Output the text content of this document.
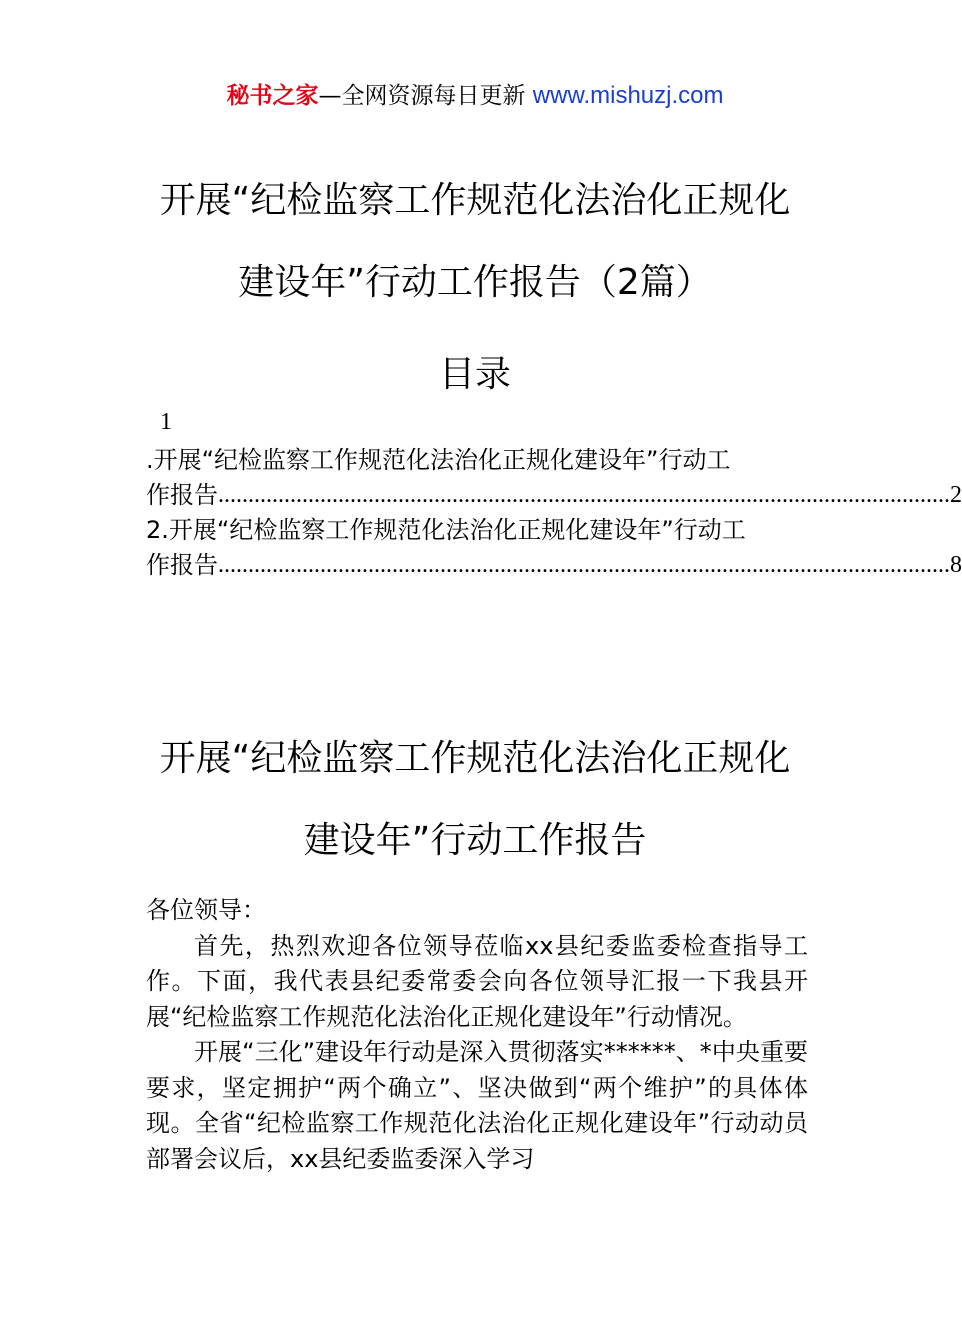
秘书之家—全网资源每日更新 www.mishuzj.com
开展“纪检监察工作规范化法治化正规化
建设年”行动工作报告（2篇）
目录
1
.开展“纪检监察工作规范化法治化正规化建设年”行动工
作报告 .......................................................................................................................... 2
2.开展“纪检监察工作规范化法治化正规化建设年”行动工
作报告 .......................................................................................................................... 8
开展“纪检监察工作规范化法治化正规化
建设年”行动工作报告

各位领导：

首先，热烈欢迎各位领导莅临xx县纪委监委检查指导工作。下面，我代表县纪委常委会向各位领导汇报一下我县开展“纪检监察工作规范化法治化正规化建设年”行动情况。

开展“三化”建设年行动是深入贯彻落实******、*中央重要要求，坚定拥护“两个确立”、坚决做到“两个维护”的具体体现。全省“纪检监察工作规范化法治化正规化建设年”行动动员部署会议后，xx县纪委监委深入学习
